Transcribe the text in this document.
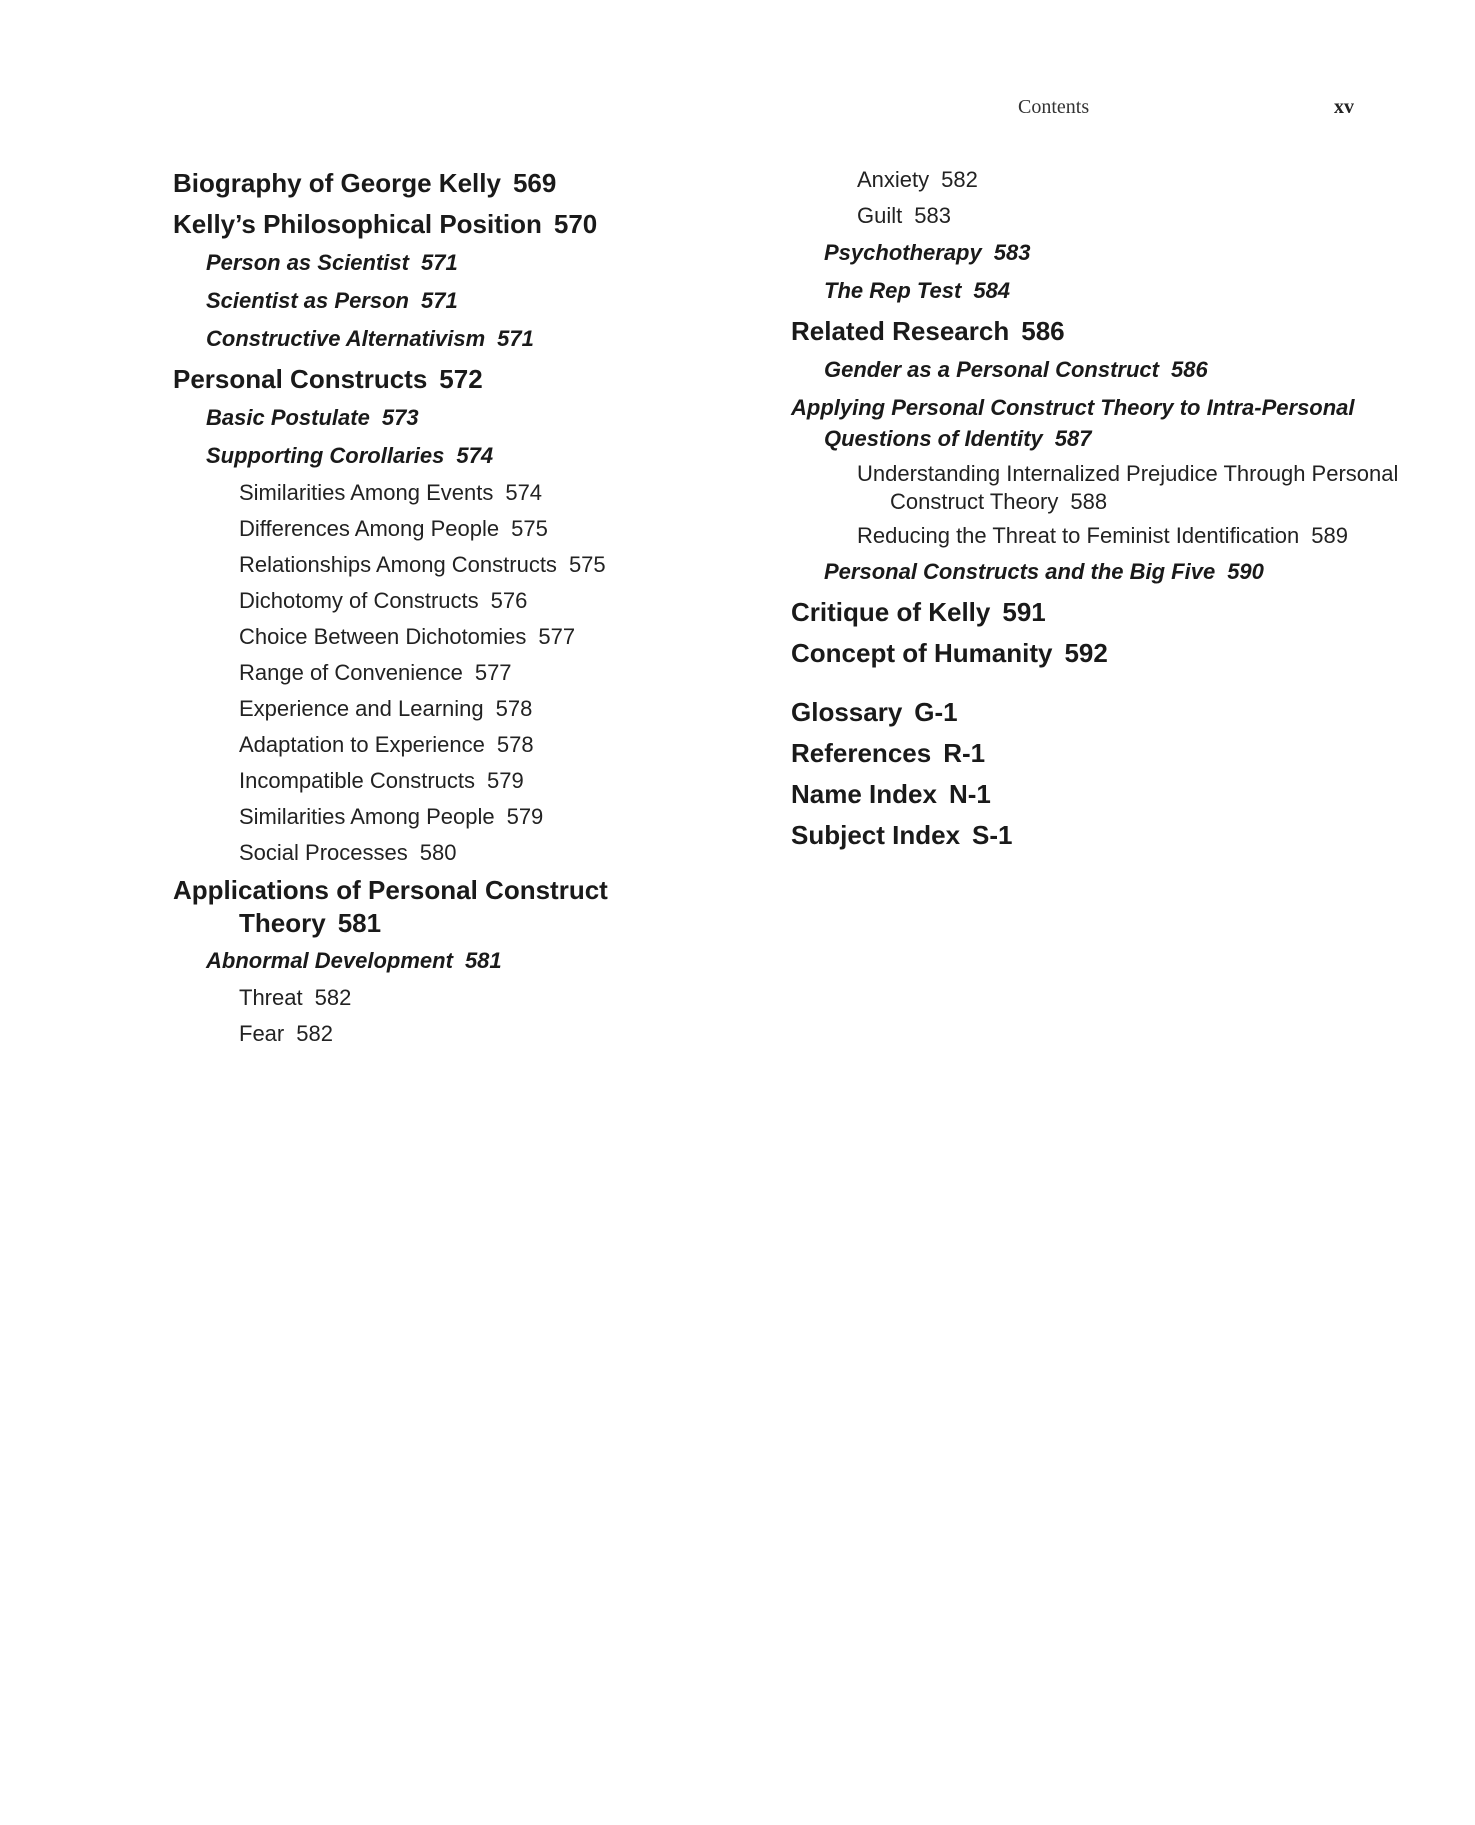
Contents	xv
Biography of George Kelly 569
Kelly’s Philosophical Position 570
Person as Scientist 571
Scientist as Person 571
Constructive Alternativism 571
Personal Constructs 572
Basic Postulate 573
Supporting Corollaries 574
Similarities Among Events 574
Differences Among People 575
Relationships Among Constructs 575
Dichotomy of Constructs 576
Choice Between Dichotomies 577
Range of Convenience 577
Experience and Learning 578
Adaptation to Experience 578
Incompatible Constructs 579
Similarities Among People 579
Social Processes 580
Applications of Personal Construct Theory 581
Abnormal Development 581
Threat 582
Fear 582
Anxiety 582
Guilt 583
Psychotherapy 583
The Rep Test 584
Related Research 586
Gender as a Personal Construct 586
Applying Personal Construct Theory to Intra-Personal Questions of Identity 587
Understanding Internalized Prejudice Through Personal Construct Theory 588
Reducing the Threat to Feminist Identification 589
Personal Constructs and the Big Five 590
Critique of Kelly 591
Concept of Humanity 592
Glossary G-1
References R-1
Name Index N-1
Subject Index S-1
